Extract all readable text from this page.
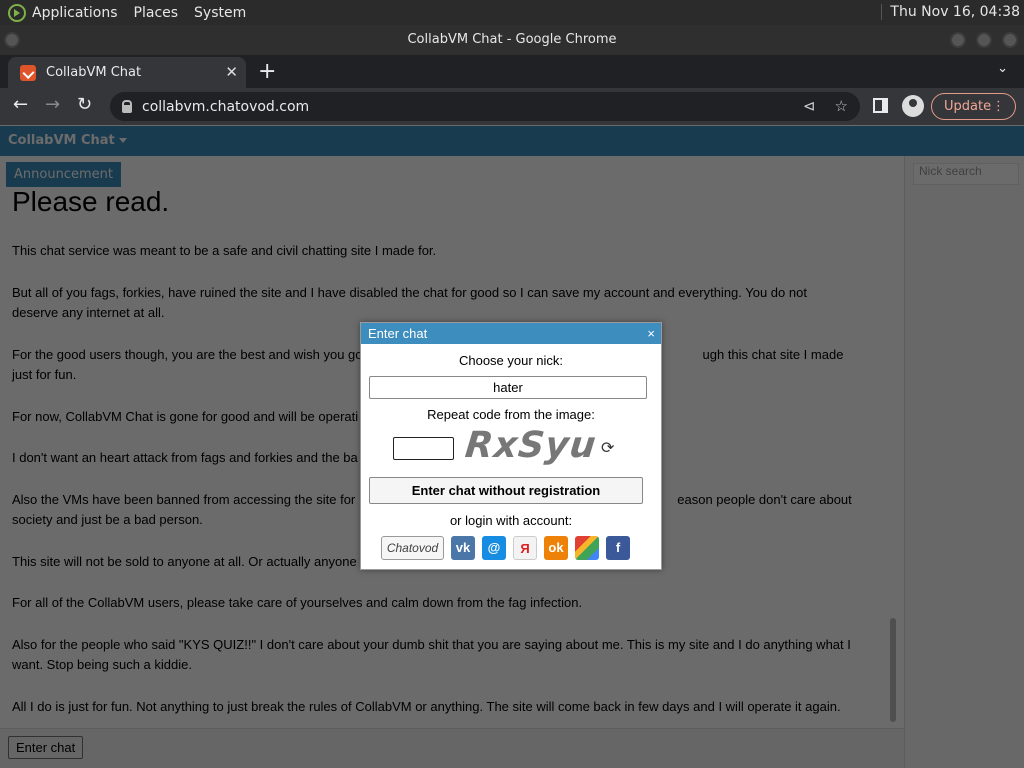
Applications Places System	Thu Nov 16, 04:38
CollabVM Chat - Google Chrome
CollabVM Chat	✕ +	⌄
← → ↻	collabvm.chatovod.com	⊲ ☆	Update ⋮

Enter chat	×
Choose your nick:
hater
Repeat code from the image:
RxSyu ⟳
Enter chat without registration
or login with account:
Chatovod	vk	@	Я	ok	f
